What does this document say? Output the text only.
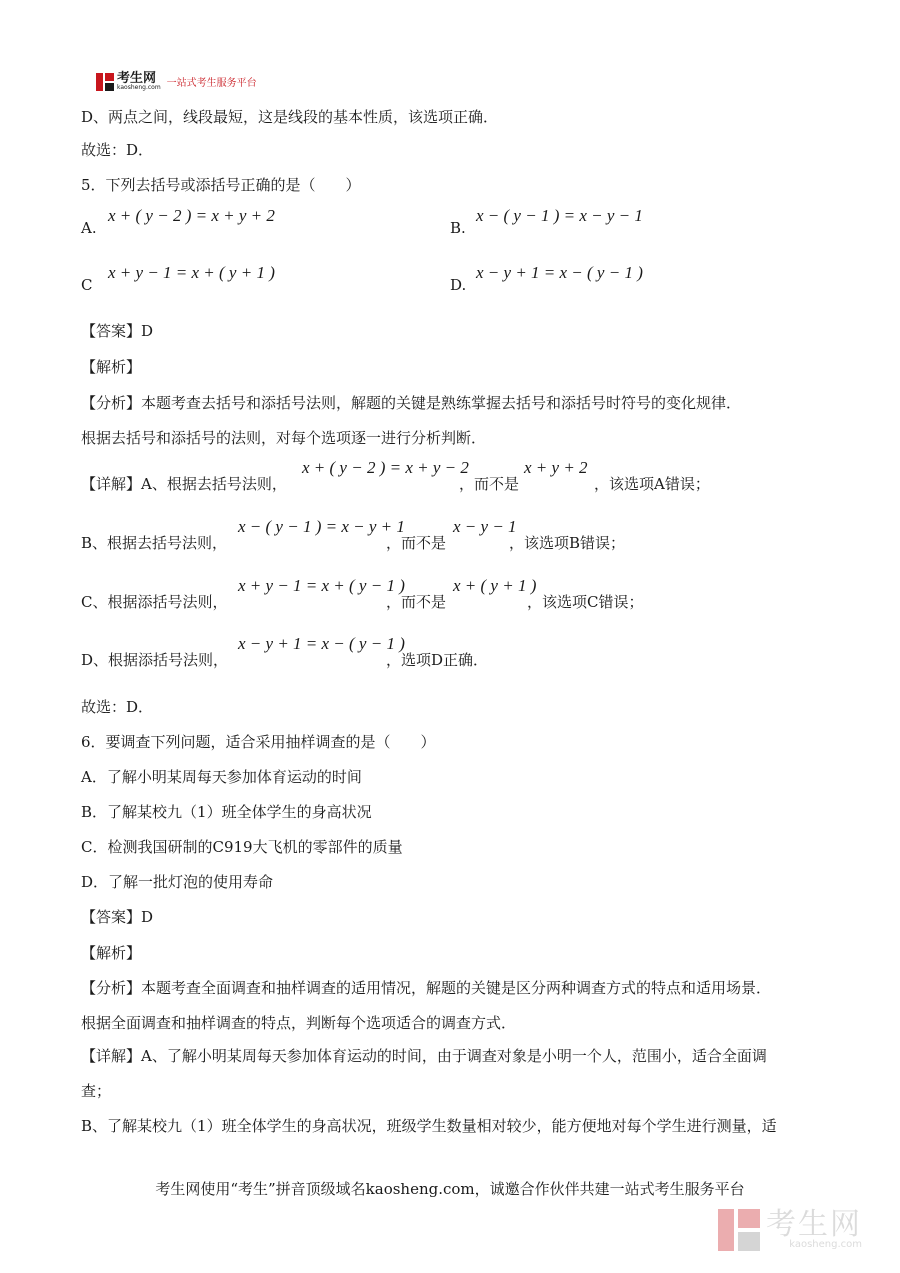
考生网
kaosheng.com 一站式考生服务平台
D、两点之间，线段最短，这是线段的基本性质，该选项正确．
故选：D．
5．下列去括号或添括号正确的是（　　）
A.
x + ( y − 2 ) = x + y + 2
B.
x − ( y − 1 ) = x − y − 1
C
x + y − 1 = x + ( y + 1 )
D.
x − y + 1 = x − ( y − 1 )
【答案】D
【解析】
【分析】本题考查去括号和添括号法则，解题的关键是熟练掌握去括号和添括号时符号的变化规律．
根据去括号和添括号的法则，对每个选项逐一进行分析判断．
【详解】A、根据去括号法则，
x + ( y − 2 ) = x + y − 2
，而不是
x + y + 2
，该选项A错误；
B、根据去括号法则，
x − ( y − 1 ) = x − y + 1
，而不是
x − y − 1
，该选项B错误；
C、根据添括号法则，
x + y − 1 = x + ( y − 1 )
，而不是
x + ( y + 1 )
，该选项C错误；
D、根据添括号法则，
x − y + 1 = x − ( y − 1 )
，选项D正确．
故选：D．
6．要调查下列问题，适合采用抽样调查的是（　　）
A．了解小明某周每天参加体育运动的时间
B．了解某校九（1）班全体学生的身高状况
C．检测我国研制的C919大飞机的零部件的质量
D．了解一批灯泡的使用寿命
【答案】D
【解析】
【分析】本题考查全面调查和抽样调查的适用情况，解题的关键是区分两种调查方式的特点和适用场景．
根据全面调查和抽样调查的特点，判断每个选项适合的调查方式．
【详解】A、了解小明某周每天参加体育运动的时间，由于调查对象是小明一个人，范围小，适合全面调
查；
B、了解某校九（1）班全体学生的身高状况，班级学生数量相对较少，能方便地对每个学生进行测量，适
考生网使用“考生”拼音顶级域名kaosheng.com，诚邀合作伙伴共建一站式考生服务平台
考生网
kaosheng.com
